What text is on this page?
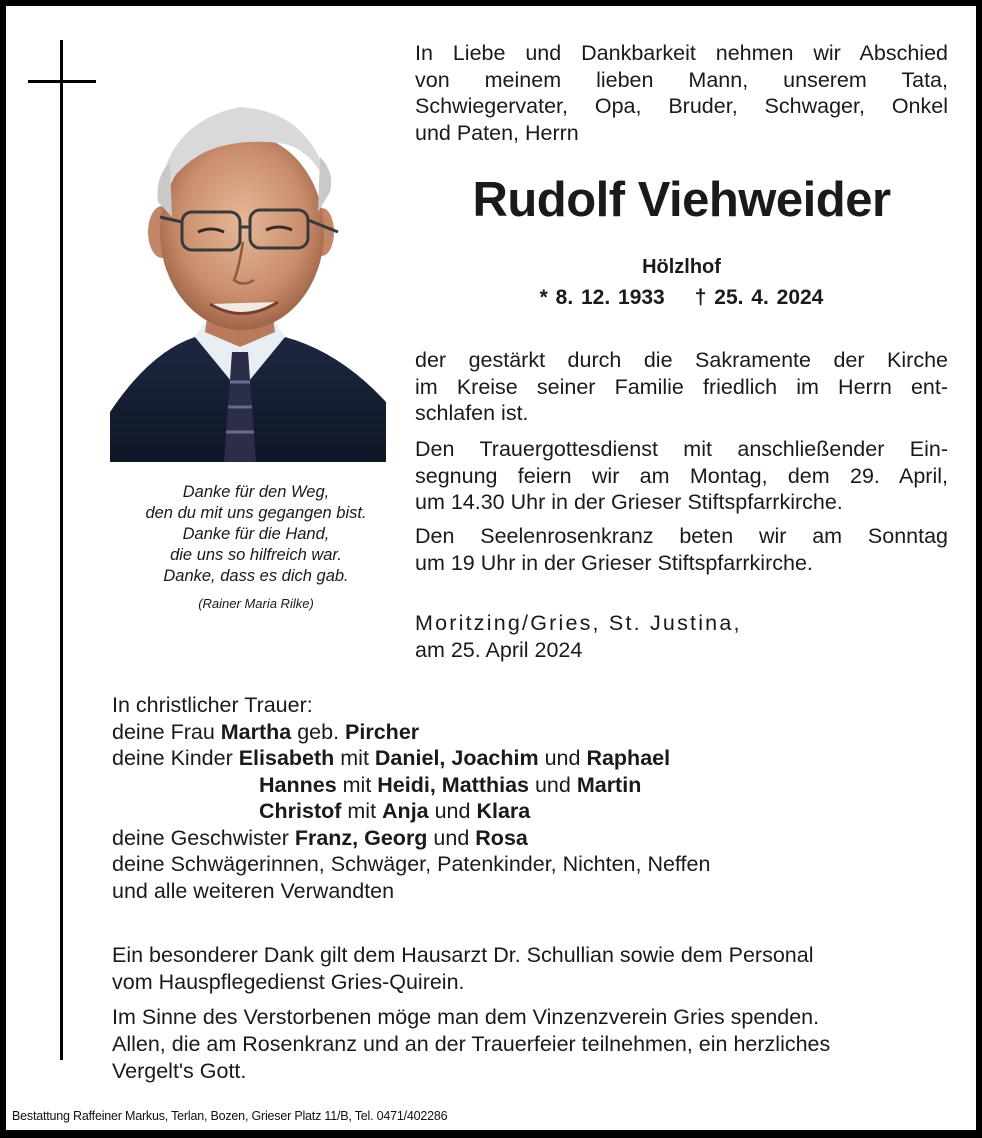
Bestattung Raffeiner Markus, Terlan, Bozen, Grieser Platz 11/B, Tel. 0471/402286
Danke für den Weg,
den du mit uns gegangen bist.
Danke für die Hand,
die uns so hilfreich war.
Danke, dass es dich gab.
(Rainer Maria Rilke)
In Liebe und Dankbarkeit nehmen wir Abschied
von meinem lieben Mann, unserem Tata,
Schwiegervater, Opa, Bruder, Schwager, Onkel
und Paten, Herrn
Rudolf Viehweider
Hölzlhof
* 8. 12. 1933 † 25. 4. 2024
der gestärkt durch die Sakramente der Kirche
im Kreise seiner Familie friedlich im Herrn ent-
schlafen ist.
Den Trauergottesdienst mit anschließender Ein-
segnung feiern wir am Montag, dem 29. April,
um 14.30 Uhr in der Grieser Stiftspfarrkirche.
Den Seelenrosenkranz beten wir am Sonntag
um 19 Uhr in der Grieser Stiftspfarrkirche.
Moritzing/Gries, St. Justina,
am 25. April 2024
In christlicher Trauer:
deine Frau Martha geb. Pircher
deine Kinder Elisabeth mit Daniel, Joachim und Raphael
Hannes mit Heidi, Matthias und Martin
Christof mit Anja und Klara
deine Geschwister Franz, Georg und Rosa
deine Schwägerinnen, Schwäger, Patenkinder, Nichten, Neffen
und alle weiteren Verwandten
Ein besonderer Dank gilt dem Hausarzt Dr. Schullian sowie dem Personal
vom Hauspflegedienst Gries-Quirein.
Im Sinne des Verstorbenen möge man dem Vinzenzverein Gries spenden.
Allen, die am Rosenkranz und an der Trauerfeier teilnehmen, ein herzliches
Vergelt's Gott.
